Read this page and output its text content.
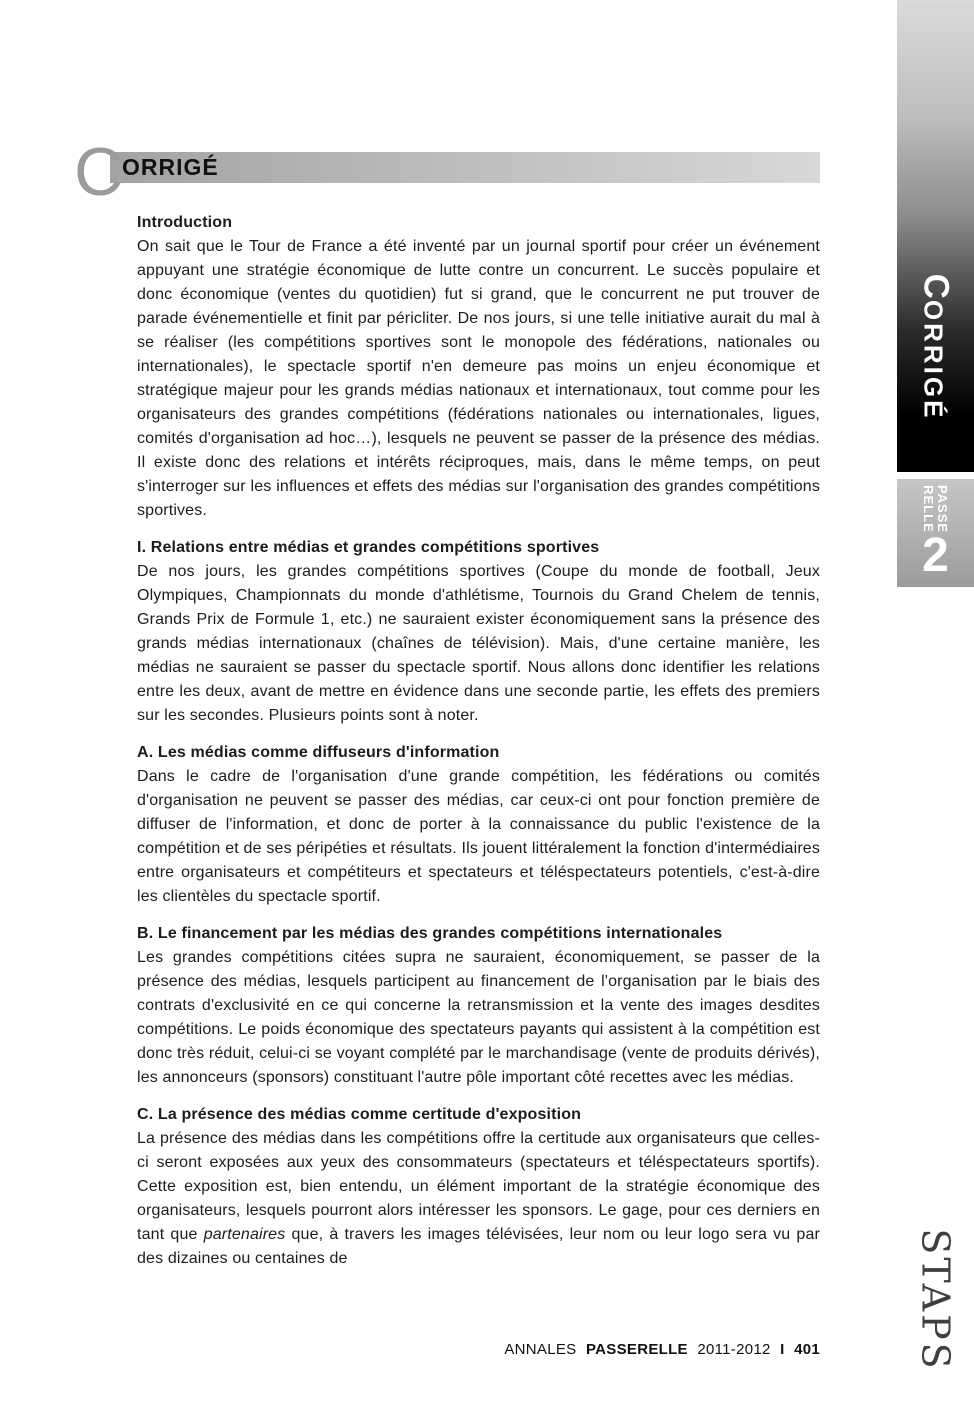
C
ORRIGÉ
Introduction

On sait que le Tour de France a été inventé par un journal sportif pour créer un événement appuyant une stratégie économique de lutte contre un concurrent. Le succès populaire et donc économique (ventes du quotidien) fut si grand, que le concurrent ne put trouver de parade événementielle et finit par péricliter. De nos jours, si une telle initiative aurait du mal à se réaliser (les compétitions sportives sont le monopole des fédérations, nationales ou internationales), le spectacle sportif n'en demeure pas moins un enjeu économique et stratégique majeur pour les grands médias nationaux et internationaux, tout comme pour les organisateurs des grandes compétitions (fédérations nationales ou internationales, ligues, comités d'organisation ad hoc…), lesquels ne peuvent se passer de la présence des médias. Il existe donc des relations et intérêts réciproques, mais, dans le même temps, on peut s'interroger sur les influences et effets des médias sur l'organisation des grandes compétitions sportives.

I. Relations entre médias et grandes compétitions sportives

De nos jours, les grandes compétitions sportives (Coupe du monde de football, Jeux Olympiques, Championnats du monde d'athlétisme, Tournois du Grand Chelem de tennis, Grands Prix de Formule 1, etc.) ne sauraient exister économiquement sans la présence des grands médias internationaux (chaînes de télévision). Mais, d'une certaine manière, les médias ne sauraient se passer du spectacle sportif. Nous allons donc identifier les relations entre les deux, avant de mettre en évidence dans une seconde partie, les effets des premiers sur les secondes. Plusieurs points sont à noter.

A. Les médias comme diffuseurs d'information

Dans le cadre de l'organisation d'une grande compétition, les fédérations ou comités d'organisation ne peuvent se passer des médias, car ceux-ci ont pour fonction première de diffuser de l'information, et donc de porter à la connaissance du public l'existence de la compétition et de ses péripéties et résultats. Ils jouent littéralement la fonction d'intermédiaires entre organisateurs et compétiteurs et spectateurs et téléspectateurs potentiels, c'est-à-dire les clientèles du spectacle sportif.

B. Le financement par les médias des grandes compétitions internationales

Les grandes compétitions citées supra ne sauraient, économiquement, se passer de la présence des médias, lesquels participent au financement de l'organisation par le biais des contrats d'exclusivité en ce qui concerne la retransmission et la vente des images desdites compétitions. Le poids économique des spectateurs payants qui assistent à la compétition est donc très réduit, celui-ci se voyant complété par le marchandisage (vente de produits dérivés), les annonceurs (sponsors) constituant l'autre pôle important côté recettes avec les médias.

C. La présence des médias comme certitude d'exposition

La présence des médias dans les compétitions offre la certitude aux organisateurs que celles-ci seront exposées aux yeux des consommateurs (spectateurs et téléspectateurs sportifs). Cette exposition est, bien entendu, un élément important de la stratégie économique des organisateurs, lesquels pourront alors intéresser les sponsors. Le gage, pour ces derniers en tant que partenaires que, à travers les images télévisées, leur nom ou leur logo sera vu par des dizaines ou centaines de

CORRIGÉ
PASSE
RELLE
2
STAPS
ANNALES PASSERELLE 2011-2012 I 401
